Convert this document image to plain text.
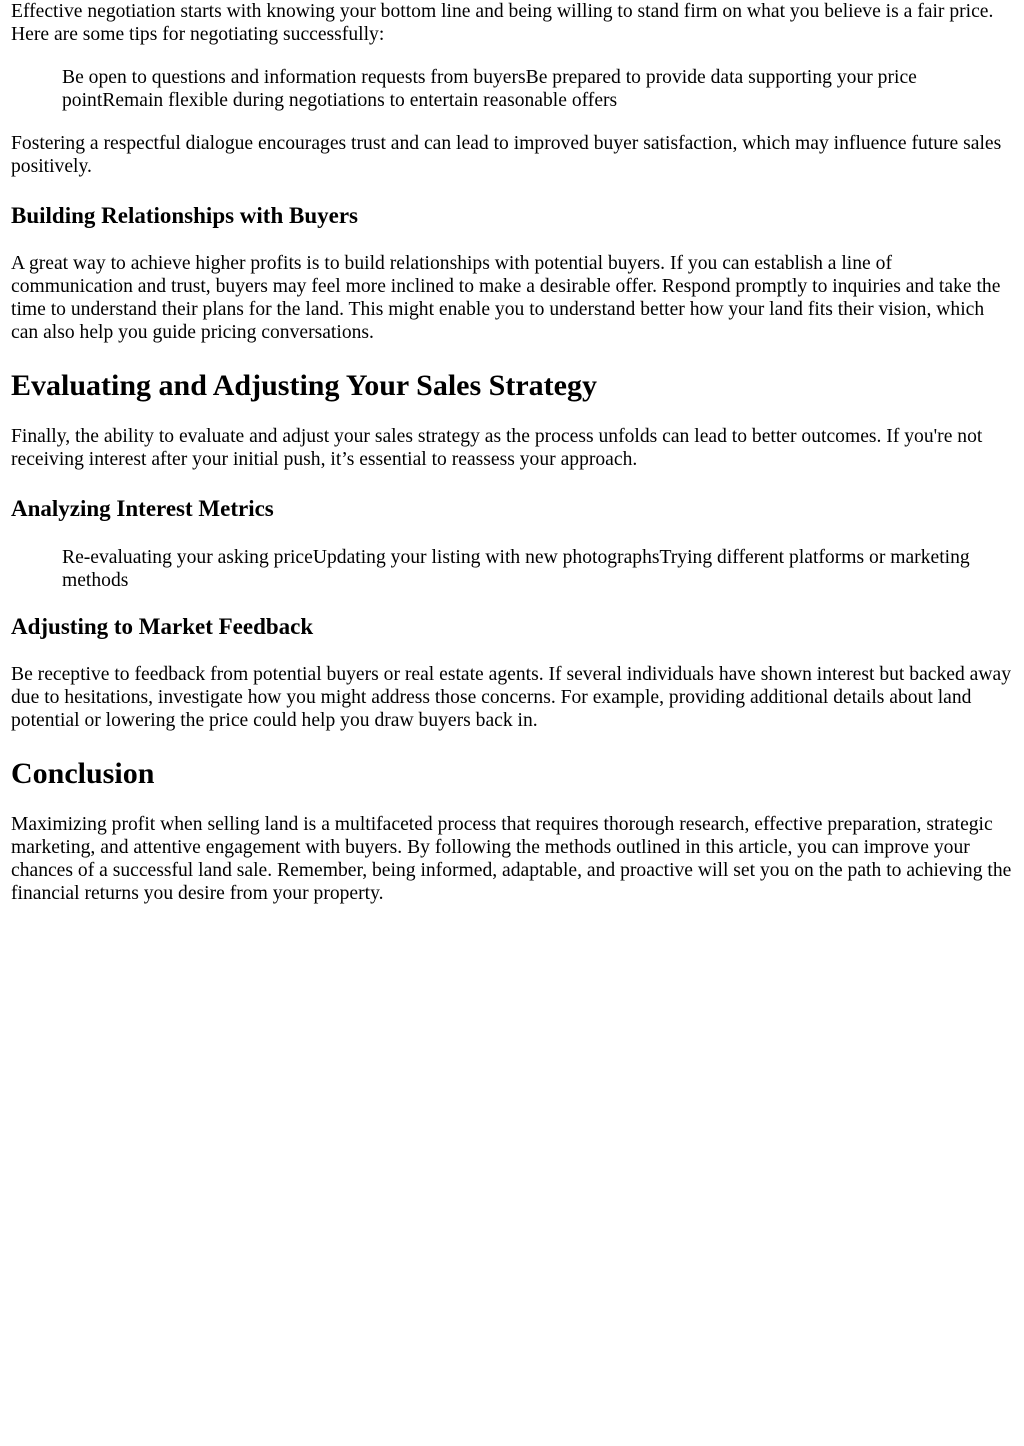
Effective negotiation starts with knowing your bottom line and being willing to stand firm on what you believe is a fair price. Here are some tips for negotiating successfully:

Be open to questions and information requests from buyersBe prepared to provide data supporting your price pointRemain flexible during negotiations to entertain reasonable offers

Fostering a respectful dialogue encourages trust and can lead to improved buyer satisfaction, which may influence future sales positively.

Building Relationships with Buyers

A great way to achieve higher profits is to build relationships with potential buyers. If you can establish a line of communication and trust, buyers may feel more inclined to make a desirable offer. Respond promptly to inquiries and take the time to understand their plans for the land. This might enable you to understand better how your land fits their vision, which can also help you guide pricing conversations.

Evaluating and Adjusting Your Sales Strategy

Finally, the ability to evaluate and adjust your sales strategy as the process unfolds can lead to better outcomes. If you're not receiving interest after your initial push, it’s essential to reassess your approach.

Analyzing Interest Metrics
Re-evaluating your asking priceUpdating your listing with new photographsTrying different platforms or marketing methods
Adjusting to Market Feedback

Be receptive to feedback from potential buyers or real estate agents. If several individuals have shown interest but backed away due to hesitations, investigate how you might address those concerns. For example, providing additional details about land potential or lowering the price could help you draw buyers back in.

Conclusion

Maximizing profit when selling land is a multifaceted process that requires thorough research, effective preparation, strategic marketing, and attentive engagement with buyers. By following the methods outlined in this article, you can improve your chances of a successful land sale. Remember, being informed, adaptable, and proactive will set you on the path to achieving the financial returns you desire from your property.
